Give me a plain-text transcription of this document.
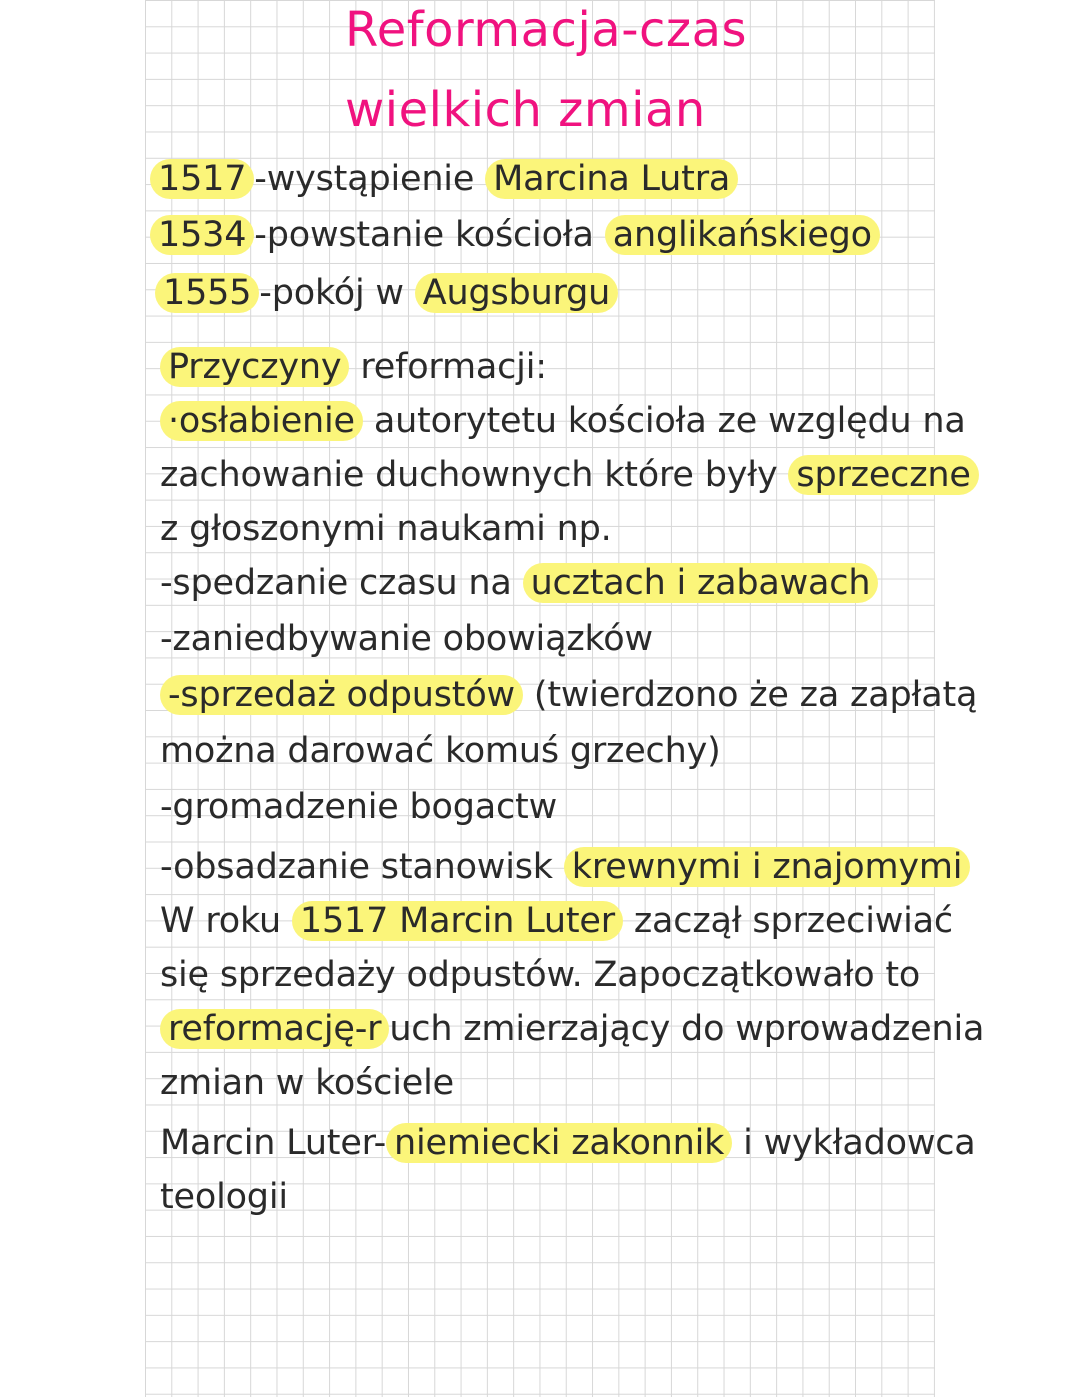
Reformacja-czas
wielkich zmian
1517 -wystąpienie Marcina Lutra
1534 -powstanie kościoła anglikańskiego
1555 -pokój w Augsburgu
Przyczyny reformacji:
·osłabienie autorytetu kościoła ze względu na
zachowanie duchownych które były sprzeczne
z głoszonymi naukami np.
-spedzanie czasu na ucztach i zabawach
-zaniedbywanie obowiązków
-sprzedaż odpustów (twierdzono że za zapłatą
można darować komuś grzechy)
-gromadzenie bogactw
-obsadzanie stanowisk krewnymi i znajomymi
W roku 1517 Marcin Luter zaczął sprzeciwiać
się sprzedaży odpustów. Zapoczątkowało to
reformację-r uch zmierzający do wprowadzenia
zmian w kościele
Marcin Luter- niemiecki zakonnik i wykładowca
teologii
